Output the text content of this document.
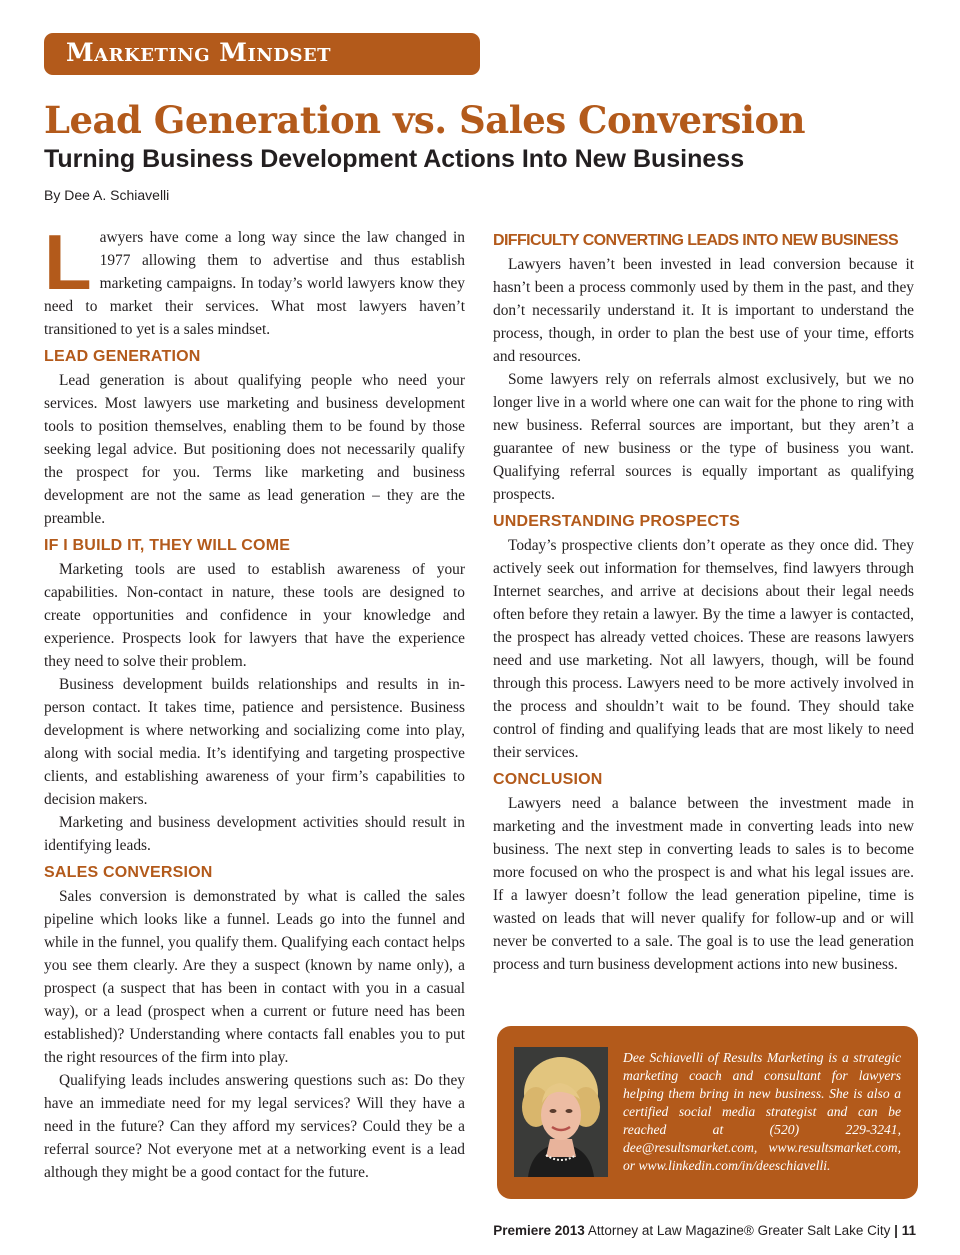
Marketing Mindset
Lead Generation vs. Sales Conversion
Turning Business Development Actions Into New Business
By Dee A. Schiavelli

Lawyers have come a long way since the law changed in 1977 allowing them to advertise and thus establish marketing campaigns. In today’s world lawyers know they need to market their services. What most lawyers haven’t transitioned to yet is a sales mindset.

LEAD GENERATION

Lead generation is about qualifying people who need your services. Most lawyers use marketing and business development tools to position themselves, enabling them to be found by those seeking legal advice. But positioning does not necessarily qualify the prospect for you. Terms like marketing and business development are not the same as lead generation – they are the preamble.

IF I BUILD IT, THEY WILL COME

Marketing tools are used to establish awareness of your capabilities. Non-contact in nature, these tools are designed to create opportunities and confidence in your knowledge and experience. Prospects look for lawyers that have the experience they need to solve their problem.

Business development builds relationships and results in in-person contact. It takes time, patience and persistence. Business development is where networking and socializing come into play, along with social media. It’s identifying and targeting prospective clients, and establishing awareness of your firm’s capabilities to decision makers.

Marketing and business development activities should result in identifying leads.

SALES CONVERSION

Sales conversion is demonstrated by what is called the sales pipeline which looks like a funnel. Leads go into the funnel and while in the funnel, you qualify them. Qualifying each contact helps you see them clearly. Are they a suspect (known by name only), a prospect (a suspect that has been in contact with you in a casual way), or a lead (prospect when a current or future need has been established)? Understanding where contacts fall enables you to put the right resources of the firm into play.

Qualifying leads includes answering questions such as: Do they have an immediate need for my legal services? Will they have a need in the future? Can they afford my services? Could they be a referral source? Not everyone met at a networking event is a lead although they might be a good contact for the future.

DIFFICULTY CONVERTING LEADS INTO NEW BUSINESS

Lawyers haven’t been invested in lead conversion because it hasn’t been a process commonly used by them in the past, and they don’t necessarily understand it. It is important to understand the process, though, in order to plan the best use of your time, efforts and resources.

Some lawyers rely on referrals almost exclusively, but we no longer live in a world where one can wait for the phone to ring with new business. Referral sources are important, but they aren’t a guarantee of new business or the type of business you want. Qualifying referral sources is equally important as qualifying prospects.

UNDERSTANDING PROSPECTS

Today’s prospective clients don’t operate as they once did. They actively seek out information for themselves, find lawyers through Internet searches, and arrive at decisions about their legal needs often before they retain a lawyer. By the time a lawyer is contacted, the prospect has already vetted choices. These are reasons lawyers need and use marketing. Not all lawyers, though, will be found through this process. Lawyers need to be more actively involved in the process and shouldn’t wait to be found. They should take control of finding and qualifying leads that are most likely to need their services.

CONCLUSION

Lawyers need a balance between the investment made in marketing and the investment made in converting leads into new business. The next step in converting leads to sales is to become more focused on who the prospect is and what his legal issues are. If a lawyer doesn’t follow the lead generation pipeline, time is wasted on leads that will never qualify for follow-up and or will never be converted to a sale. The goal is to use the lead generation process and turn business development actions into new business.

Dee Schiavelli of Results Marketing is a strategic marketing coach and consultant for lawyers helping them bring in new business. She is also a certified social media strategist and can be reached at (520) 229-3241, dee@resultsmarket.com, www.resultsmarket.com, or www.linkedin.com/in/deeschiavelli.
Premiere 2013 Attorney at Law Magazine® Greater Salt Lake City | 11
